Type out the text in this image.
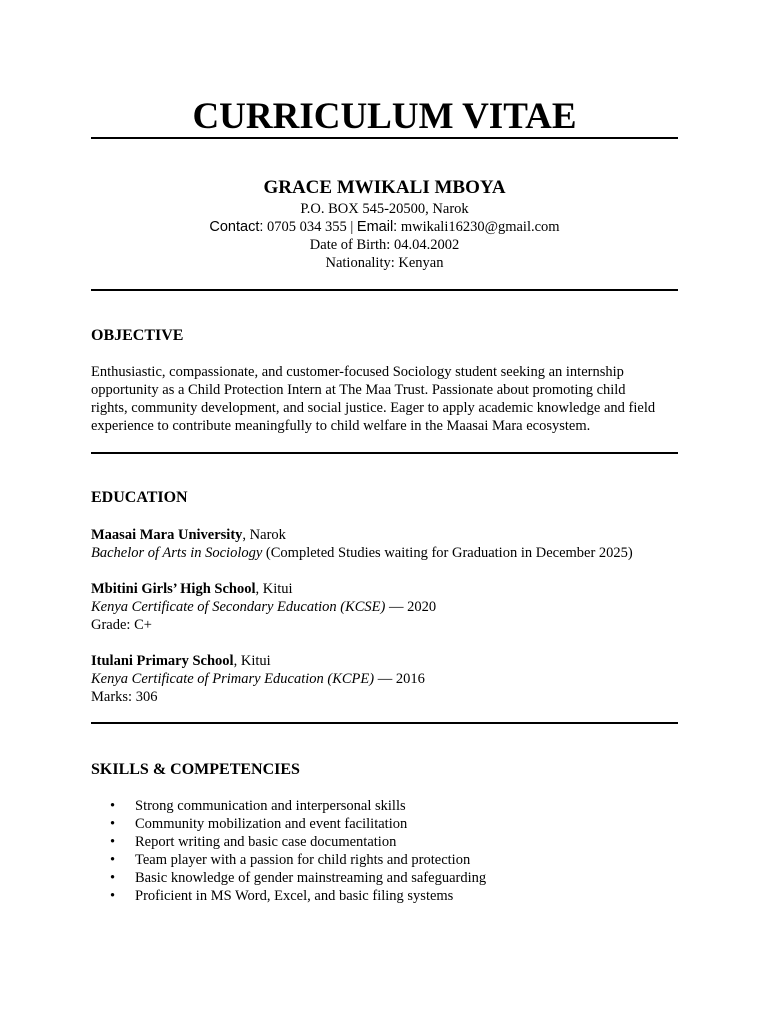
CURRICULUM VITAE
GRACE MWIKALI MBOYA
P.O. BOX 545-20500, Narok
Contact: 0705 034 355 | Email: mwikali16230@gmail.com
Date of Birth: 04.04.2002
Nationality: Kenyan
OBJECTIVE
Enthusiastic, compassionate, and customer-focused Sociology student seeking an internship
opportunity as a Child Protection Intern at The Maa Trust. Passionate about promoting child
rights, community development, and social justice. Eager to apply academic knowledge and field
experience to contribute meaningfully to child welfare in the Maasai Mara ecosystem.
EDUCATION
Maasai Mara University, Narok
Bachelor of Arts in Sociology (Completed Studies waiting for Graduation in December 2025)
Mbitini Girls’ High School, Kitui
Kenya Certificate of Secondary Education (KCSE) — 2020
Grade: C+
Itulani Primary School, Kitui
Kenya Certificate of Primary Education (KCPE) — 2016
Marks: 306
SKILLS & COMPETENCIES
• Strong communication and interpersonal skills
• Community mobilization and event facilitation
• Report writing and basic case documentation
• Team player with a passion for child rights and protection
• Basic knowledge of gender mainstreaming and safeguarding
• Proficient in MS Word, Excel, and basic filing systems
